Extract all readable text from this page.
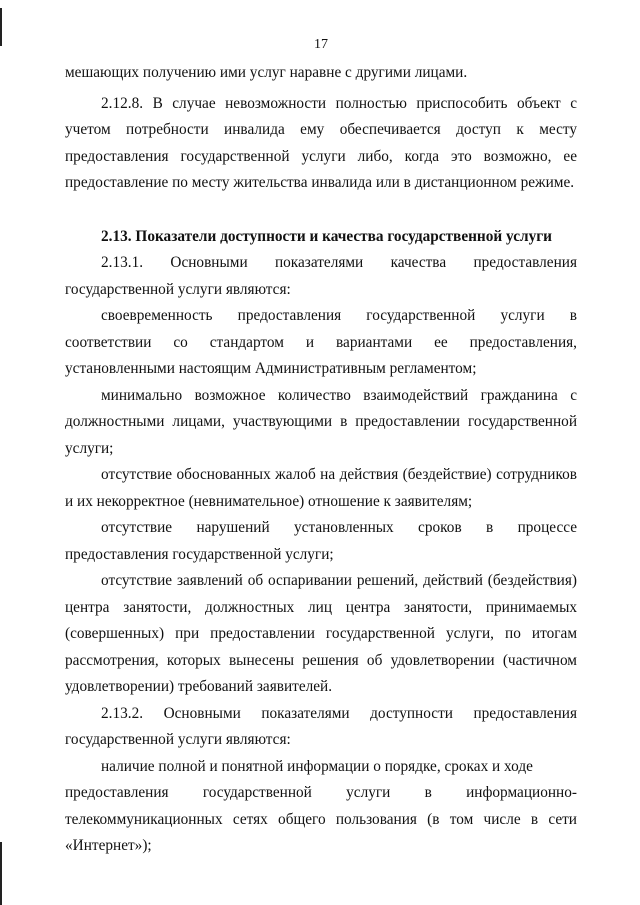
17

мешающих получению ими услуг наравне с другими лицами.

2.12.8. В случае невозможности полностью приспособить объект с учетом потребности инвалида ему обеспечивается доступ к месту предоставления государственной услуги либо, когда это возможно, ее предоставление по месту жительства инвалида или в дистанционном режиме.

2.13. Показатели доступности и качества государственной услуги

2.13.1. Основными показателями качества предоставления

государственной услуги являются:

своевременность предоставления государственной услуги в соответствии со стандартом и вариантами ее предоставления, установленными настоящим Административным регламентом;

минимально возможное количество взаимодействий гражданина с должностными лицами, участвующими в предоставлении государственной услуги;

отсутствие обоснованных жалоб на действия (бездействие) сотрудников и их некорректное (невнимательное) отношение к заявителям;

отсутствие нарушений установленных сроков в процессе предоставления государственной услуги;

отсутствие заявлений об оспаривании решений, действий (бездействия) центра занятости, должностных лиц центра занятости, принимаемых (совершенных) при предоставлении государственной услуги, по итогам рассмотрения, которых вынесены решения об удовлетворении (частичном удовлетворении) требований заявителей.

2.13.2. Основными показателями доступности предоставления

государственной услуги являются:

наличие полной и понятной информации о порядке, сроках и ходе
предоставления государственной услуги в информационно-

телекоммуникационных сетях общего пользования (в том числе в сети «Интернет»);
